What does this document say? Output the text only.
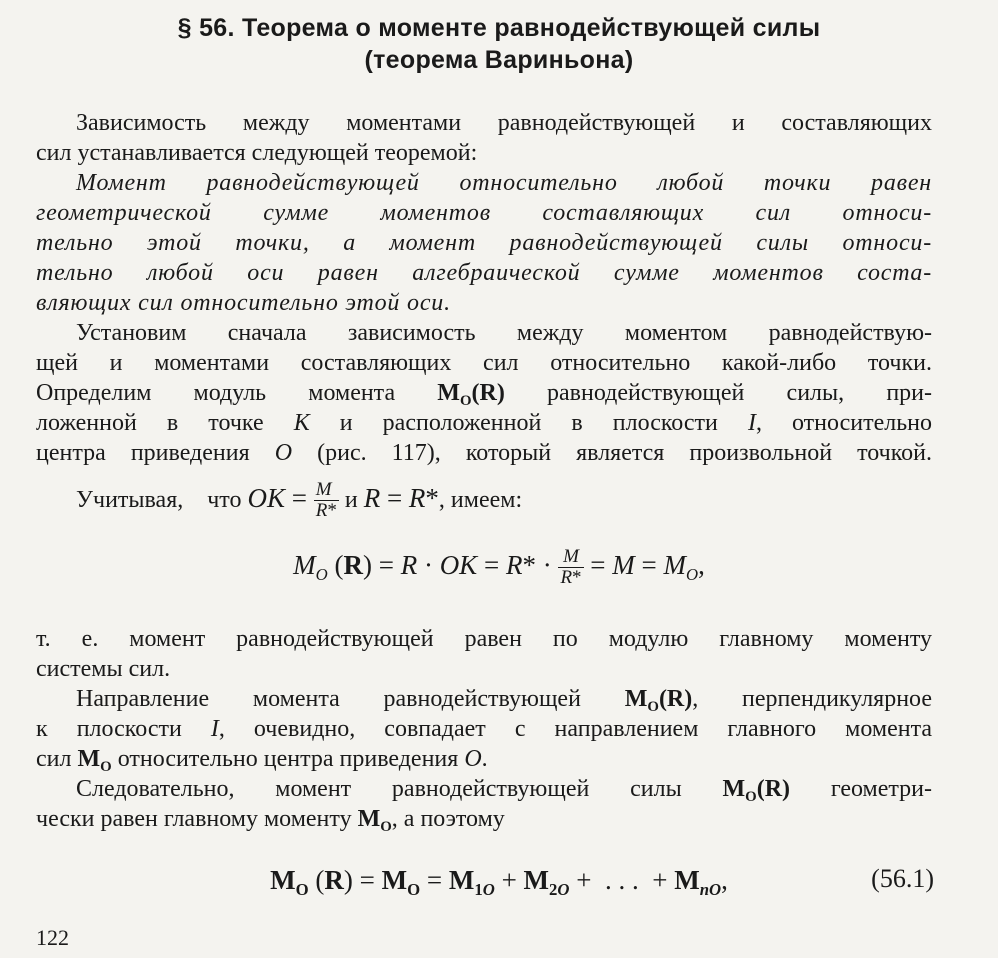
§ 56. Теорема о моменте равнодействующей силы
(теорема Вариньона)
Зависимость между моментами равнодействующей и составляющих
сил устанавливается следующей теоремой:
Момент равнодействующей относительно любой точки равен
геометрической сумме моментов составляющих сил относи-
тельно этой точки, а момент равнодействующей силы относи-
тельно любой оси равен алгебраической сумме моментов состa-
вляющих сил относительно этой оси.
Установим сначала зависимость между моментом равнодействую-
щей и моментами составляющих сил относительно какой-либо точки.
Определим модуль момента $M_O(R)$ равнодействующей силы, при-
ложенной в точке K и расположенной в плоскости I, относительно
центра приведения O (рис. 117), который является произвольной точкой.
Учитывая, что OK = $\frac{M}{R*}$ и R = R*, имеем:
$M_O$ (R) = R · OK = $R* \cdot \frac{M}{R*} = M = M_O$,
т. е. момент равнодействующей равен по модулю главному моменту
системы сил.
Направление момента равнодействующей $M_O(R)$, перпендикулярное
к плоскости I, очевидно, совпадает с направлением главного момента
сил $M_O$ относительно центра приведения O.
Следовательно, момент равнодействующей силы $M_O(R)$ геометри-
чески равен главному моменту $M_O$, а поэтому
$M_O$ $(R) = M_O = M_{1O} + M_{2O}$ +  . . .  + $M_{nO}$,	(56.1)
122
